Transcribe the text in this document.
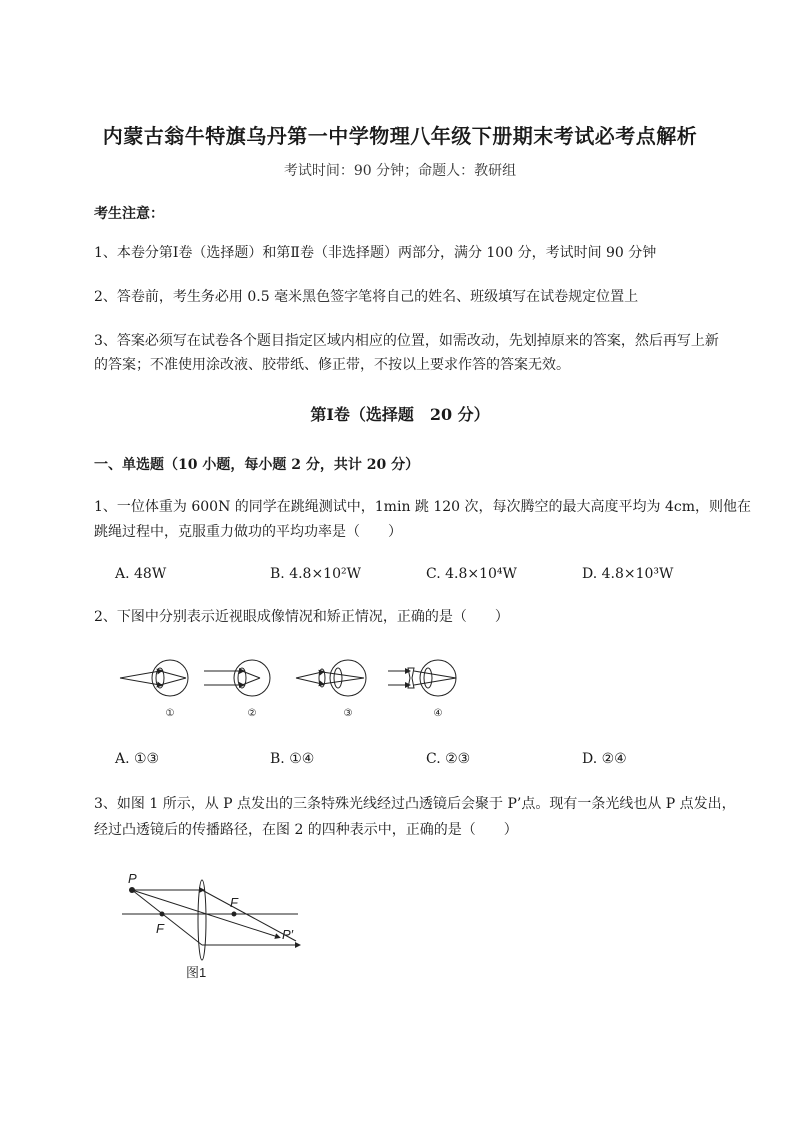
内蒙古翁牛特旗乌丹第一中学物理八年级下册期末考试必考点解析
考试时间：90 分钟；命题人：教研组
考生注意：
1、本卷分第Ⅰ卷（选择题）和第Ⅱ卷（非选择题）两部分，满分 100 分，考试时间 90 分钟
2、答卷前，考生务必用 0.5 毫米黑色签字笔将自己的姓名、班级填写在试卷规定位置上
3、答案必须写在试卷各个题目指定区域内相应的位置，如需改动，先划掉原来的答案，然后再写上新
的答案；不准使用涂改液、胶带纸、修正带，不按以上要求作答的答案无效。
第Ⅰ卷（选择题　20 分）
一、单选题（10 小题，每小题 2 分，共计 20 分）
1、一位体重为 600N 的同学在跳绳测试中，1min 跳 120 次，每次腾空的最大高度平均为 4cm，则他在
跳绳过程中，克服重力做功的平均功率是（　　）
A. 48W	B. 4.8×10²W	C. 4.8×10⁴W	D. 4.8×10³W
2、下图中分别表示近视眼成像情况和矫正情况，正确的是（　　）
①	②	③	④
A. ①③	B. ①④	C. ②③	D. ②④
3、如图 1 所示，从 P 点发出的三条特殊光线经过凸透镜后会聚于 P’点。现有一条光线也从 P 点发出，
经过凸透镜后的传播路径，在图 2 的四种表示中，正确的是（　　）
P
F
F
P′
图1
